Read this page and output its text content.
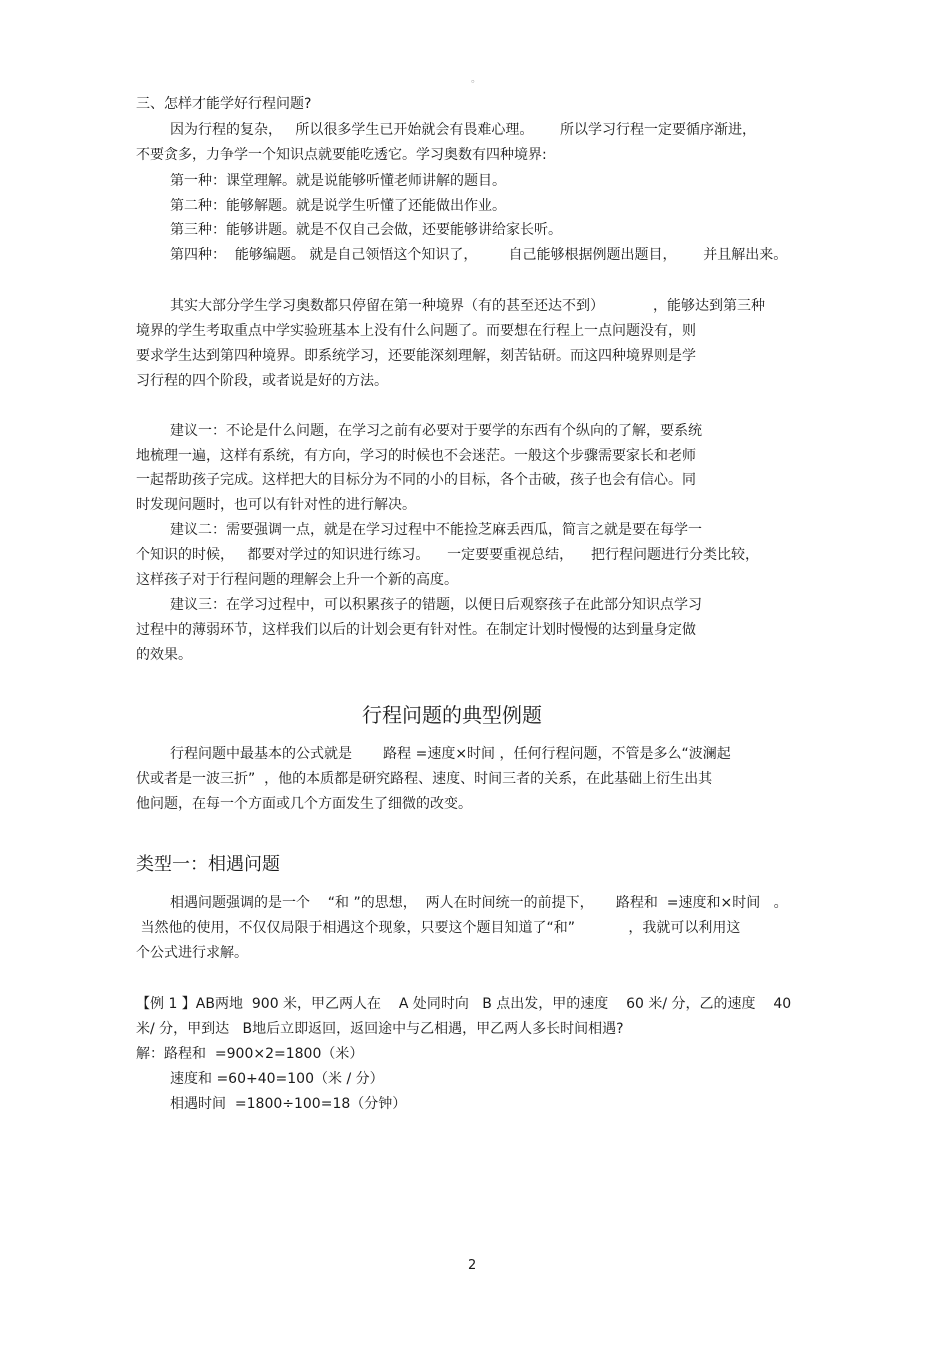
。
三、怎样才能学好行程问题?
因为行程的复杂，   所以很多学生已开始就会有畏难心理。      所以学习行程一定要循序渐进，
不要贪多，力争学一个知识点就要能吃透它。学习奥数有四种境界:
第一种：课堂理解。就是说能够听懂老师讲解的题目。
第二种：能够解题。就是说学生听懂了还能做出作业。
第三种：能够讲题。就是不仅自己会做，还要能够讲给家长听。
第四种：  能够编题。 就是自己领悟这个知识了，       自己能够根据例题出题目，      并且解出来。
其实大部分学生学习奥数都只停留在第一种境界（有的甚至还达不到）           ，能够达到第三种
境界的学生考取重点中学实验班基本上没有什么问题了。而要想在行程上一点问题没有，则
要求学生达到第四种境界。即系统学习，还要能深刻理解，刻苦钻研。而这四种境界则是学
习行程的四个阶段，或者说是好的方法。
建议一：不论是什么问题，在学习之前有必要对于要学的东西有个纵向的了解，要系统
地梳理一遍，这样有系统，有方向，学习的时候也不会迷茫。一般这个步骤需要家长和老师
一起帮助孩子完成。这样把大的目标分为不同的小的目标，各个击破，孩子也会有信心。同
时发现问题时，也可以有针对性的进行解决。
建议二：需要强调一点，就是在学习过程中不能捡芝麻丢西瓜，简言之就是要在每学一
个知识的时候，   都要对学过的知识进行练习。    一定要要重视总结，    把行程问题进行分类比较，
这样孩子对于行程问题的理解会上升一个新的高度。
建议三：在学习过程中，可以积累孩子的错题，以便日后观察孩子在此部分知识点学习
过程中的薄弱环节，这样我们以后的计划会更有针对性。在制定计划时慢慢的达到量身定做
的效果。
行程问题的典型例题
行程问题中最基本的公式就是       路程 =速度×时间 ，任何行程问题，不管是多么“波澜起
伏或者是一波三折”  ，他的本质都是研究路程、速度、时间三者的关系，在此基础上衍生出其
他问题，在每一个方面或几个方面发生了细微的改变。
类型一：相遇问题
相遇问题强调的是一个    “和 ”的思想，  两人在时间统一的前提下，     路程和  =速度和×时间   。
当然他的使用，不仅仅局限于相遇这个现象，只要这个题目知道了“和”            ，我就可以利用这
个公式进行求解。
【例 1 】AB两地  900 米，甲乙两人在    A 处同时向   B 点出发，甲的速度    60 米/ 分，乙的速度    40
米/ 分，甲到达   B地后立即返回，返回途中与乙相遇，甲乙两人多长时间相遇?
解：路程和  =900×2=1800（米）
速度和 =60+40=100（米 / 分）
相遇时间  =1800÷100=18（分钟）
2
